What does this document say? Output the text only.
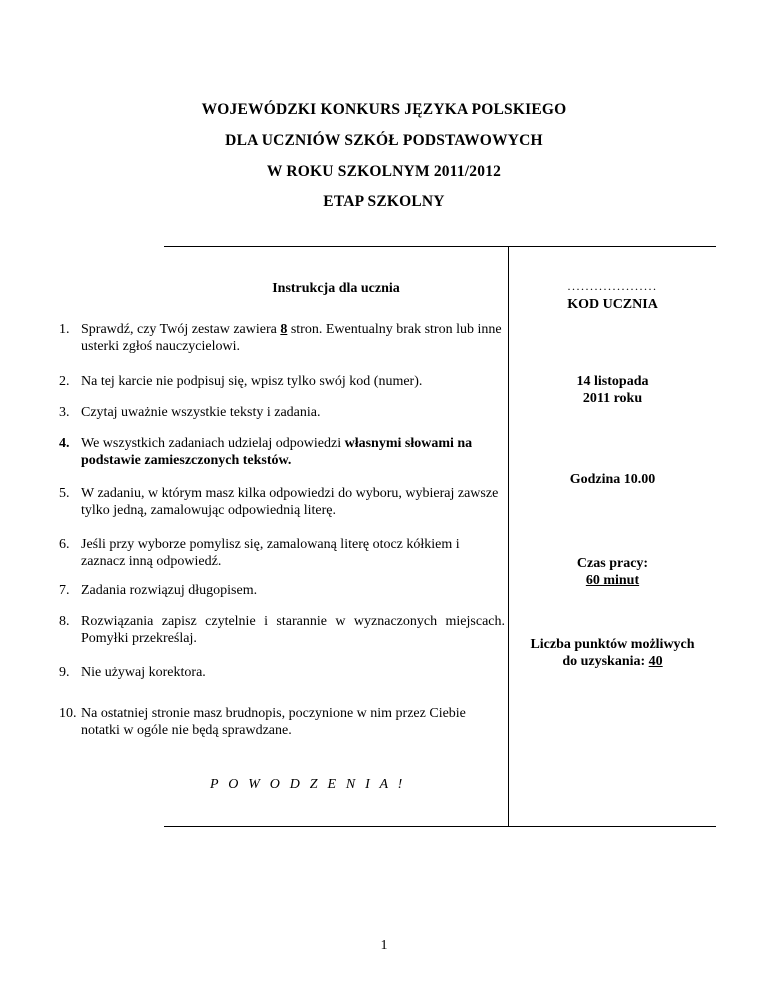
WOJEWÓDZKI KONKURS JĘZYKA POLSKIEGO
DLA UCZNIÓW SZKÓŁ PODSTAWOWYCH
W ROKU SZKOLNYM 2011/2012
ETAP SZKOLNY
Instrukcja dla ucznia
1. Sprawdź, czy Twój zestaw zawiera 8 stron. Ewentualny brak stron lub inne usterki zgłoś nauczycielowi.
2. Na tej karcie nie podpisuj się, wpisz tylko swój kod (numer).
3. Czytaj uważnie wszystkie teksty i zadania.
4. We wszystkich zadaniach udzielaj odpowiedzi własnymi słowami na podstawie zamieszczonych tekstów.
5. W zadaniu, w którym masz kilka odpowiedzi do wyboru, wybieraj zawsze tylko jedną, zamalowując odpowiednią literę.
6. Jeśli przy wyborze pomylisz się, zamalowaną literę otocz kółkiem i zaznacz inną odpowiedź.
7. Zadania rozwiązuj długopisem.
8. Rozwiązania zapisz czytelnie i starannie w wyznaczonych miejscach. Pomyłki przekreślaj.
9. Nie używaj korektora.
10. Na ostatniej stronie masz brudnopis, poczynione w nim przez Ciebie notatki w ogóle nie będą sprawdzane.
P O W O D Z E N I A !
....................
KOD UCZNIA
14 listopada
2011 roku
Godzina 10.00
Czas pracy:
60 minut
Liczba punktów możliwych
do uzyskania: 40
1
